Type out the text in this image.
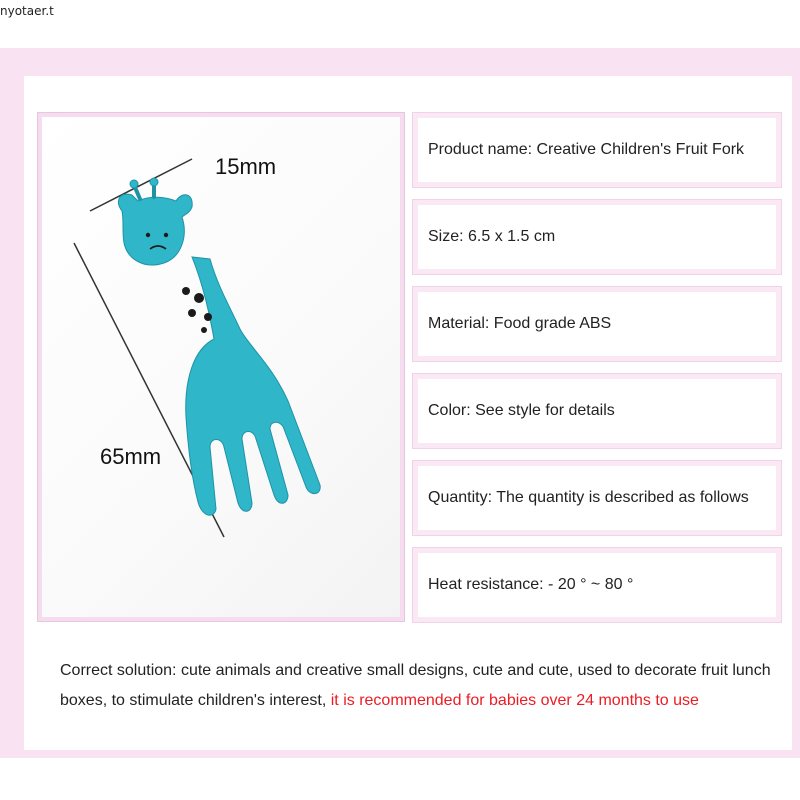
nyotaer.t
15mm
65mm
Product name: Creative Children's Fruit Fork
Size: 6.5 x 1.5 cm
Material: Food grade ABS
Color: See style for details
Quantity: The quantity is described as follows
Heat resistance: - 20 ° ~ 80 °
Correct solution: cute animals and creative small designs, cute and cute, used to decorate fruit lunch boxes, to stimulate children's interest, it is recommended for babies over 24 months to use
